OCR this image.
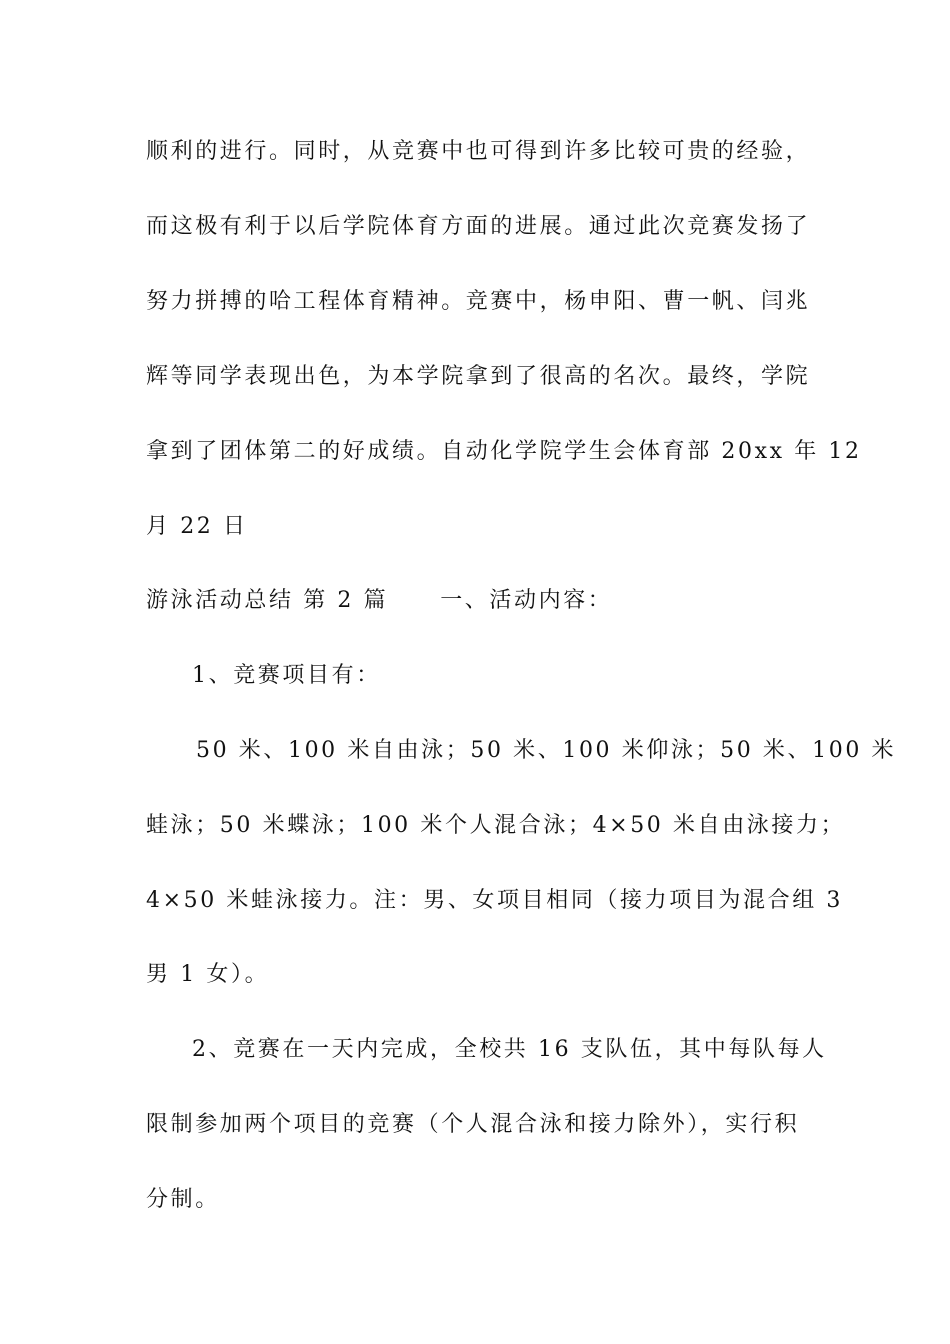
顺利的进行。同时，从竞赛中也可得到许多比较可贵的经验，
而这极有利于以后学院体育方面的进展。通过此次竞赛发扬了
努力拼搏的哈工程体育精神。竞赛中，杨申阳、曹一帆、闫兆
辉等同学表现出色，为本学院拿到了很高的名次。最终，学院
拿到了团体第二的好成绩。自动化学院学生会体育部 20xx 年 12
月 22 日
游泳活动总结 第 2 篇 一、活动内容：
1、竞赛项目有：
50 米、100 米自由泳；50 米、100 米仰泳；50 米、100 米
蛙泳；50 米蝶泳；100 米个人混合泳；4×50 米自由泳接力；
4×50 米蛙泳接力。注：男、女项目相同（接力项目为混合组 3
男 1 女）。
2、竞赛在一天内完成，全校共 16 支队伍，其中每队每人
限制参加两个项目的竞赛（个人混合泳和接力除外），实行积
分制。
